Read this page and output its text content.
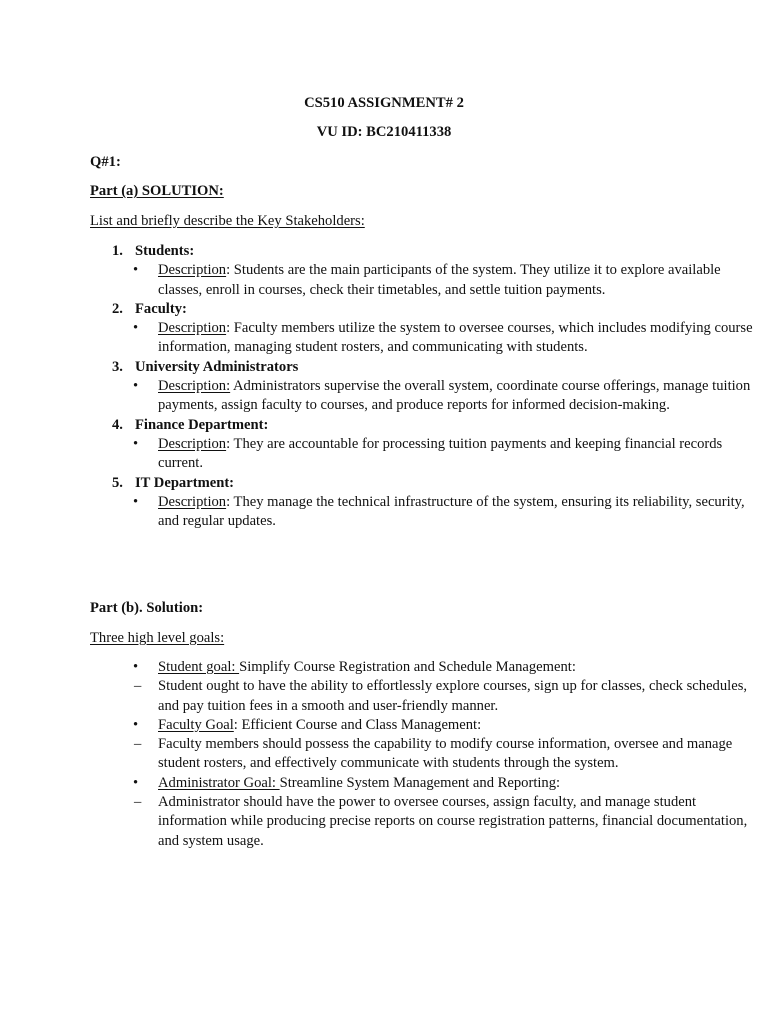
CS510 ASSIGNMENT# 2
VU ID: BC210411338
Q#1:
Part (a) SOLUTION:
List and briefly describe the Key Stakeholders:
1. Students:
• Description: Students are the main participants of the system. They utilize it to explore available classes, enroll in courses, check their timetables, and settle tuition payments.
2. Faculty:
• Description: Faculty members utilize the system to oversee courses, which includes modifying course information, managing student rosters, and communicating with students.
3. University Administrators
• Description: Administrators supervise the overall system, coordinate course offerings, manage tuition payments, assign faculty to courses, and produce reports for informed decision-making.
4. Finance Department:
• Description: They are accountable for processing tuition payments and keeping financial records current.
5. IT Department:
• Description: They manage the technical infrastructure of the system, ensuring its reliability, security, and regular updates.
Part (b). Solution:
Three high level goals:
• Student goal: Simplify Course Registration and Schedule Management:
– Student ought to have the ability to effortlessly explore courses, sign up for classes, check schedules, and pay tuition fees in a smooth and user-friendly manner.
• Faculty Goal: Efficient Course and Class Management:
– Faculty members should possess the capability to modify course information, oversee and manage student rosters, and effectively communicate with students through the system.
• Administrator Goal: Streamline System Management and Reporting:
– Administrator should have the power to oversee courses, assign faculty, and manage student information while producing precise reports on course registration patterns, financial documentation, and system usage.
